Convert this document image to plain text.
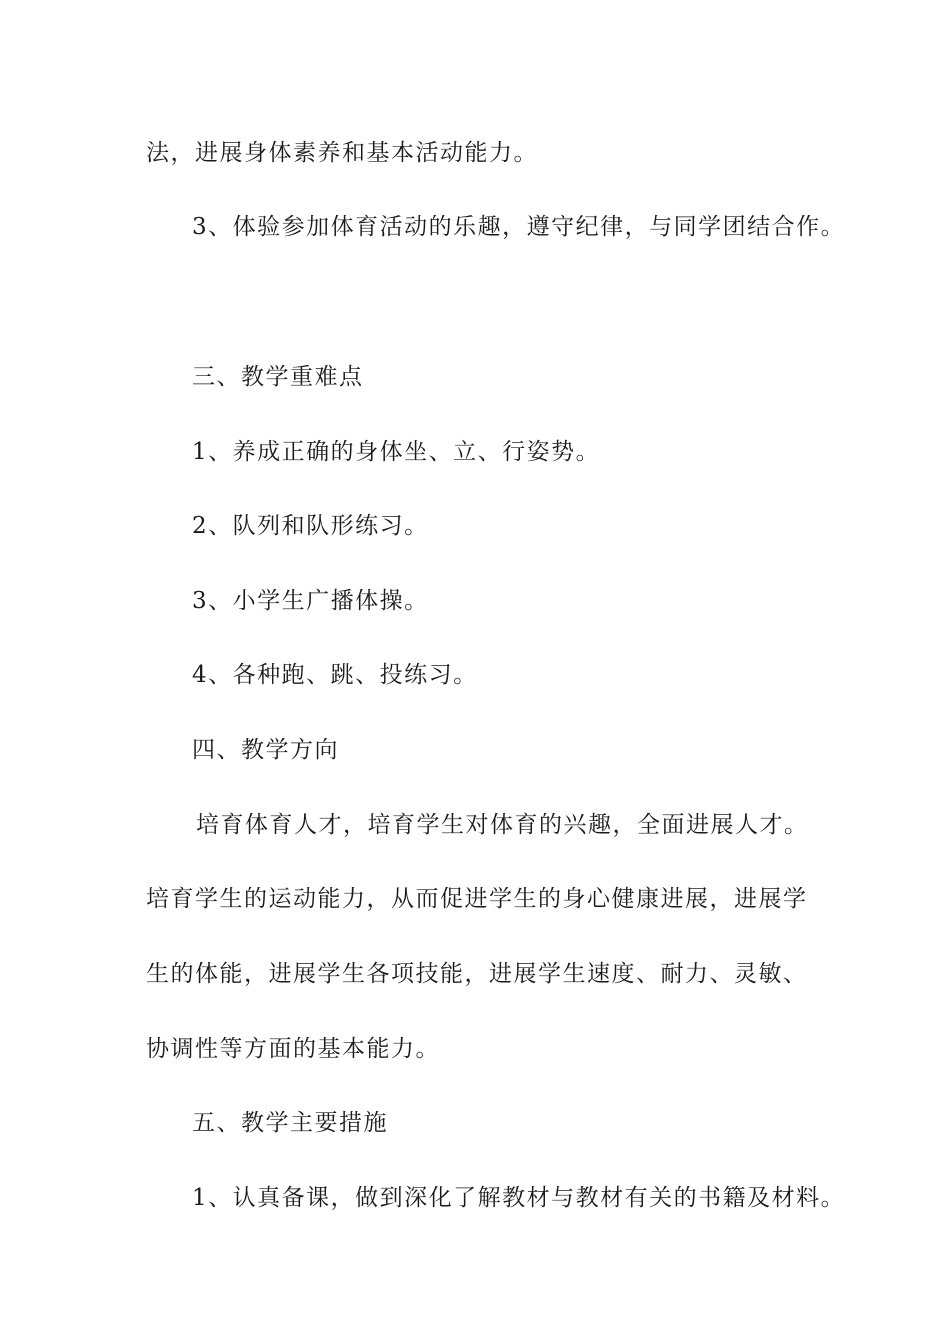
法，进展身体素养和基本活动能力。
3、体验参加体育活动的乐趣，遵守纪律，与同学团结合作。
三、教学重难点
1、养成正确的身体坐、立、行姿势。
2、队列和队形练习。
3、小学生广播体操。
4、各种跑、跳、投练习。
四、教学方向
培育体育人才，培育学生对体育的兴趣，全面进展人才。
培育学生的运动能力，从而促进学生的身心健康进展，进展学
生的体能，进展学生各项技能，进展学生速度、耐力、灵敏、
协调性等方面的基本能力。
五、教学主要措施
1、认真备课，做到深化了解教材与教材有关的书籍及材料。
